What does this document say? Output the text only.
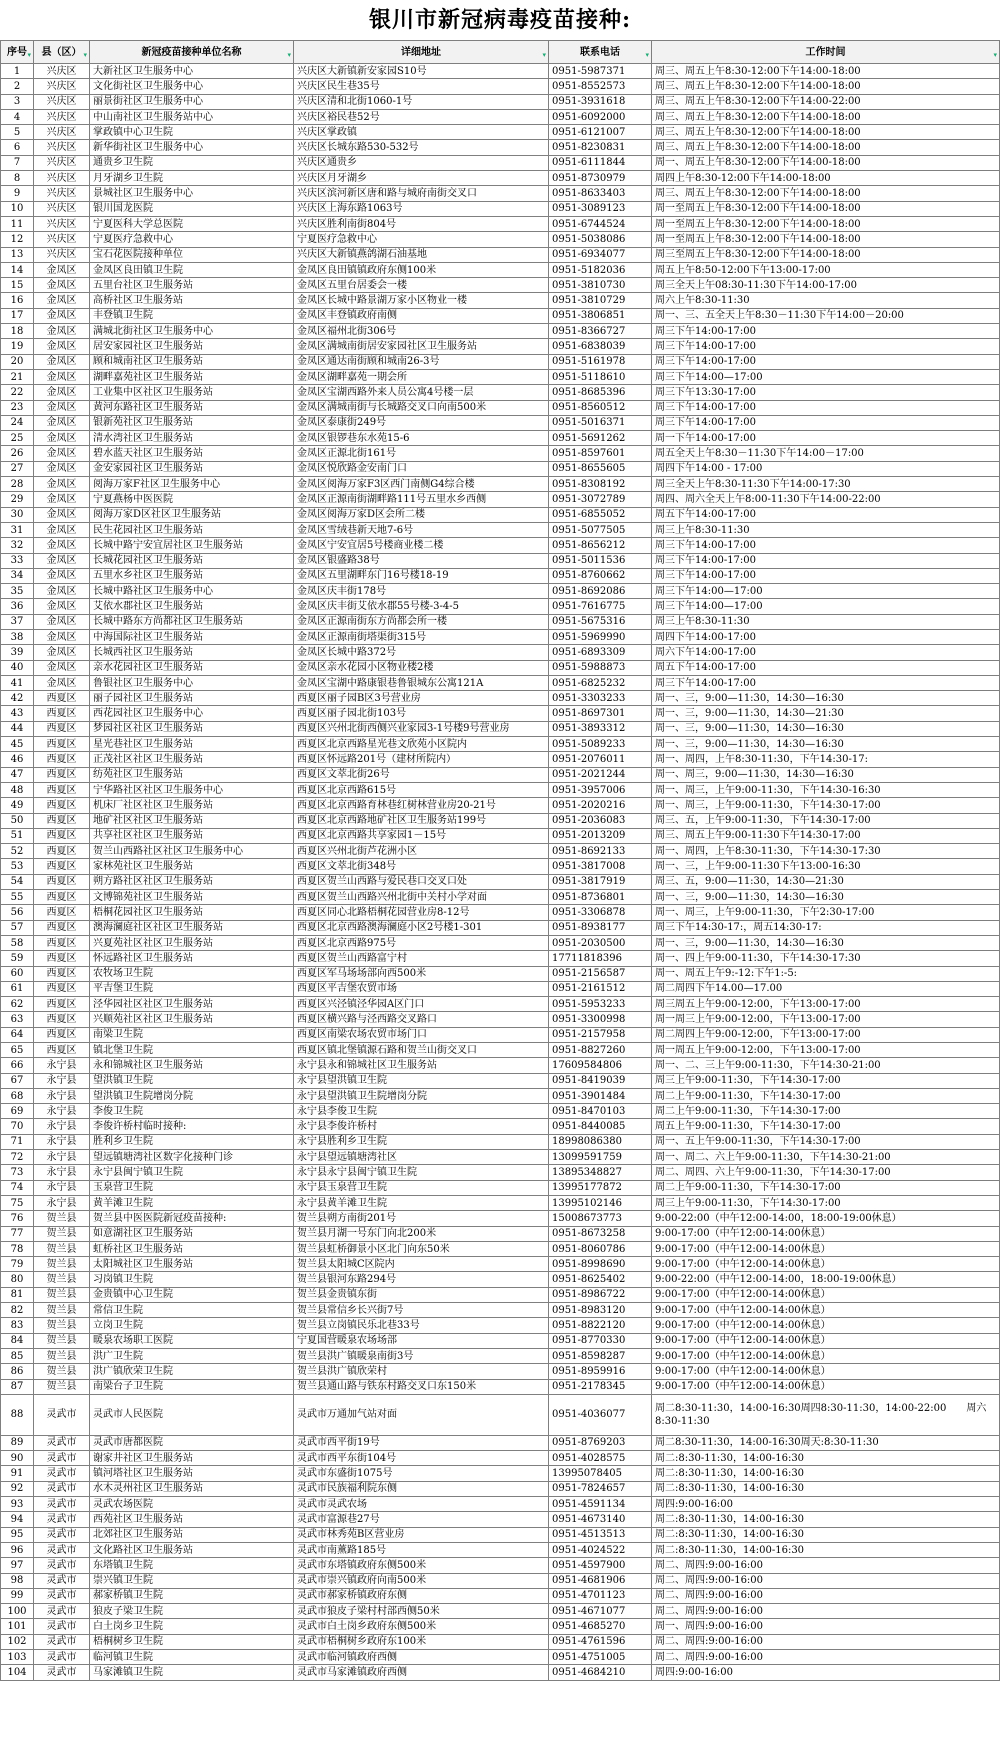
银川市新冠病毒疫苗接种:
序号 ▾	县（区） ▾	新冠疫苗接种单位名称 ▾	详细地址 ▾	联系电话 ▾	工作时间 ▾

1	兴庆区	大新社区卫生服务中心	兴庆区大新镇新安家园S10号	0951-5987371	周三、周五上午8:30-12:00下午14:00-18:00
2	兴庆区	文化街社区卫生服务中心	兴庆区民生巷35号	0951-8552573	周三、周五上午8:30-12:00下午14:00-18:00
3	兴庆区	丽景街社区卫生服务中心	兴庆区清和北街1060-1号	0951-3931618	周三、周五上午8:30-12:00下午14:00-22:00
4	兴庆区	中山南社区卫生服务站中心	兴庆区裕民巷52号	0951-6092000	周三、周五上午8:30-12:00下午14:00-18:00
5	兴庆区	掌政镇中心卫生院	兴庆区掌政镇	0951-6121007	周三、周五上午8:30-12:00下午14:00-18:00
6	兴庆区	新华街社区卫生服务中心	兴庆区长城东路530-532号	0951-8230831	周三、周五上午8:30-12:00下午14:00-18:00
7	兴庆区	通贵乡卫生院	兴庆区通贵乡	0951-6111844	周一、周五上午8:30-12:00下午14:00-18:00
8	兴庆区	月牙湖乡卫生院	兴庆区月牙湖乡	0951-8730979	周四上午8:30-12:00下午14:00-18:00
9	兴庆区	景城社区卫生服务中心	兴庆区滨河新区唐和路与城府南街交叉口	0951-8633403	周三、周五上午8:30-12:00下午14:00-18:00
10	兴庆区	银川国龙医院	兴庆区上海东路1063号	0951-3089123	周一至周五上午8:30-12:00下午14:00-18:00
11	兴庆区	宁夏医科大学总医院	兴庆区胜利南街804号	0951-6744524	周一至周五上午8:30-12:00下午14:00-18:00
12	兴庆区	宁夏医疗急救中心	宁夏医疗急救中心	0951-5038086	周一至周五上午8:30-12:00下午14:00-18:00
13	兴庆区	宝石花医院接种单位	兴庆区大新镇燕鸽湖石油基地	0951-6934077	周三至周五上午8:30-12:00下午14:00-18:00
14	金凤区	金凤区良田镇卫生院	金凤区良田镇镇政府东侧100米	0951-5182036	周五上午8:50-12:00下午13:00-17:00
15	金凤区	五里台社区卫生服务站	金凤区五里台居委会一楼	0951-3810730	周三全天上午08:30-11:30下午14:00-17:00
16	金凤区	高桥社区卫生服务站	金凤区长城中路景湖万家小区物业一楼	0951-3810729	周六上午8:30-11:30
17	金凤区	丰登镇卫生院	金凤区丰登镇政府南侧	0951-3806851	周一、三、五全天上午8:30－11:30下午14:00－20:00
18	金凤区	满城北街社区卫生服务中心	金凤区福州北街306号	0951-8366727	周三下午14:00-17:00
19	金凤区	居安家园社区卫生服务站	金凤区满城南街居安家园社区卫生服务站	0951-6838039	周三下午14:00-17:00
20	金凤区	顾和城南社区卫生服务站	金凤区通达南街顾和城南26-3号	0951-5161978	周三下午14:00-17:00
21	金凤区	湖畔嘉苑社区卫生服务站	金凤区湖畔嘉苑一期会所	0951-5118610	周三下午14:00—17:00
22	金凤区	工业集中区社区卫生服务站	金凤区宝湖西路外来人员公寓4号楼一层	0951-8685396	周三下午13:30-17:00
23	金凤区	黄河东路社区卫生服务站	金凤区满城南街与长城路交叉口向南500米	0951-8560512	周三下午14:00-17:00
24	金凤区	银新苑社区卫生服务站	金凤区泰康街249号	0951-5016371	周三下午14:00-17:00
25	金凤区	清水湾社区卫生服务站	金凤区银锣巷东水苑15-6	0951-5691262	周一下午14:00-17:00
26	金凤区	碧水蓝天社区卫生服务站	金凤区正源北街161号	0951-8597601	周五全天上午8:30－11:30下午14:00－17:00
27	金凤区	金安家园社区卫生服务站	金凤区悦欣路金安南门口	0951-8655605	周四下午14:00 - 17:00
28	金凤区	阅海万家F社区卫生服务中心	金凤区阅海万家F3区西门南侧G4综合楼	0951-8308192	周三全天上午8:30-11:30下午14:00-17:30
29	金凤区	宁夏燕杨中医医院	金凤区正源南街湖畔路111号五里水乡西侧	0951-3072789	周四、周六全天上午8:00-11:30下午14:00-22:00
30	金凤区	阅海万家D区社区卫生服务站	金凤区阅海万家D区会所二楼	0951-6855052	周五下午14:00-17:00
31	金凤区	民生花园社区卫生服务站	金凤区雪绒巷新天地7-6号	0951-5077505	周三上午8:30-11:30
32	金凤区	长城中路宁安宜居社区卫生服务站	金凤区宁安宜居5号楼商业楼二楼	0951-8656212	周三下午14:00-17:00
33	金凤区	长城花园社区卫生服务站	金凤区银盛路38号	0951-5011536	周三下午14:00-17:00
34	金凤区	五里水乡社区卫生服务站	金凤区五里湖畔东门16号楼18-19	0951-8760662	周三下午14:00-17:00
35	金凤区	长城中路社区卫生服务中心	金凤区庆丰街178号	0951-8692086	周三下午14:00—17:00
36	金凤区	艾依水郡社区卫生服务站	金凤区庆丰街艾依水郡55号楼-3-4-5	0951-7616775	周三下午14:00—17:00
37	金凤区	长城中路东方尚都社区卫生服务站	金凤区正源南街东方尚都会所一楼	0951-5675316	周三上午8:30-11:30
38	金凤区	中海国际社区卫生服务站	金凤区正源南街塔渠街315号	0951-5969990	周四下午14:00-17:00
39	金凤区	长城西社区卫生服务站	金凤区长城中路372号	0951-6893309	周六下午14:00-17:00
40	金凤区	亲水花园社区卫生服务站	金凤区亲水花园小区物业楼2楼	0951-5988873	周五下午14:00-17:00
41	金凤区	鲁银社区卫生服务中心	金凤区宝湖中路康银巷鲁银城东公寓121A	0951-6825232	周三下午14:00-17:00
42	西夏区	丽子园社区卫生服务站	西夏区丽子园B区3号营业房	0951-3303233	周一、三，9:00—11:30，14:30—16:30
43	西夏区	西花园社区卫生服务中心	西夏区丽子园北街103号	0951-8697301	周一、三，9:00—11:30，14:30—21:30
44	西夏区	梦园社区社区卫生服务站	西夏区兴州北街西侧兴业家园3-1号楼9号营业房	0951-3893312	周一、三，9:00—11:30，14:30—16:30
45	西夏区	星光巷社区卫生服务站	西夏区北京西路星光巷文欣苑小区院内	0951-5089233	周一、三，9:00—11:30，14:30—16:30
46	西夏区	正茂社区社区卫生服务站	西夏区怀远路201号（建材所院内）	0951-2076011	周一、周四，上午8:30-11:30，下午14:30-17:
47	西夏区	纺苑社区卫生服务站	西夏区文萃北街26号	0951-2021244	周一、周三，9:00—11:30，14:30—16:30
48	西夏区	宁华路社区社区卫生服务中心	西夏区北京西路615号	0951-3957006	周一、周三，上午9:00-11:30，下午14:30-16:30
49	西夏区	机床厂社区社区卫生服务站	西夏区北京西路育林巷红树林营业房20-21号	0951-2020216	周一、周三，上午9:00-11:30，下午14:30-17:00
50	西夏区	地矿社区社区卫生服务站	西夏区北京西路地矿社区卫生服务站199号	0951-2036083	周三、五，上午9:00-11:30，下午14:30-17:00
51	西夏区	共享社区社区卫生服务站	西夏区北京西路共享家园1－15号	0951-2013209	周三、周五上午9:00-11:30下午14:30-17:00
52	西夏区	贺兰山西路社区社区卫生服务中心	西夏区兴州北街芦花洲小区	0951-8692133	周一、周四，上午8:30-11:30，下午14:30-17:30
53	西夏区	家林苑社区卫生服务站	西夏区文萃北街348号	0951-3817008	周一、三，上午9:00-11:30下午13:00-16:30
54	西夏区	朔方路社区社区卫生服务站	西夏区贺兰山西路与爱民巷口交叉口处	0951-3817919	周三、五，9:00—11:30，14:30—21:30
55	西夏区	文博锦苑社区卫生服务站	西夏区贺兰山西路兴州北街中关村小学对面	0951-8736801	周一、三，9:00—11:30，14:30—16:30
56	西夏区	梧桐花园社区卫生服务站	西夏区同心北路梧桐花园营业房8-12号	0951-3306878	周一、周三，上午9:00-11:30，下午2:30-17:00
57	西夏区	澳海澜庭社区社区卫生服务站	西夏区北京西路澳海澜庭小区2号楼1-301	0951-8938177	周三下午14:30-17:，周五14:30-17:
58	西夏区	兴夏苑社区社区卫生服务站	西夏区北京西路975号	0951-2030500	周一、三，9:00—11:30，14:30—16:30
59	西夏区	怀远路社区卫生服务站	西夏区贺兰山西路富宁村	17711818396	周一、四上午9:00-11:30，下午14:30-17:30
60	西夏区	农牧场卫生院	西夏区军马场场部向西500米	0951-2156587	周一、周五上午9:-12:下午1:-5:
61	西夏区	平吉堡卫生院	西夏区平吉堡农贸市场	0951-2161512	周二周四下午14.00—17.00
62	西夏区	泾华园社区社区卫生服务站	西夏区兴泾镇泾华园A区门口	0951-5953233	周三周五上午9:00-12:00，下午13:00-17:00
63	西夏区	兴顺苑社区社区卫生服务站	西夏区横兴路与泾西路交叉路口	0951-3300998	周一周三上午9:00-12:00，下午13:00-17:00
64	西夏区	南梁卫生院	西夏区南梁农场农贸市场门口	0951-2157958	周二周四上午9:00-12:00，下午13:00-17:00
65	西夏区	镇北堡卫生院	西夏区镇北堡镇源石路和贺兰山街交叉口	0951-8827260	周一周五上午9:00-12:00，下午13:00-17:00
66	永宁县	永和锦城社区卫生服务站	永宁县永和锦城社区卫生服务站	17609584806	周一、二、三上午9:00-11:30，下午14:30-21:00
67	永宁县	望洪镇卫生院	永宁县望洪镇卫生院	0951-8419039	周三上午9:00-11:30，下午14:30-17:00
68	永宁县	望洪镇卫生院增岗分院	永宁县望洪镇卫生院增岗分院	0951-3901484	周二上午9:00-11:30，下午14:30-17:00
69	永宁县	李俊卫生院	永宁县李俊卫生院	0951-8470103	周二上午9:00-11:30，下午14:30-17:00
70	永宁县	李俊许桥村临时接种:	永宁县李俊许桥村	0951-8440085	周五上午9:00-11:30，下午14:30-17:00
71	永宁县	胜利乡卫生院	永宁县胜利乡卫生院	18998086380	周一、五上午9:00-11:30，下午14:30-17:00
72	永宁县	望远镇塘湾社区数字化接种门诊	永宁县望远镇塘湾社区	13099591759	周一、周二、六上午9:00-11:30，下午14:30-21:00
73	永宁县	永宁县闽宁镇卫生院	永宁县永宁县闽宁镇卫生院	13895348827	周二、周四、六上午9:00-11:30，下午14:30-17:00
74	永宁县	玉泉营卫生院	永宁县玉泉营卫生院	13995177872	周二上午9:00-11:30，下午14:30-17:00
75	永宁县	黄羊滩卫生院	永宁县黄羊滩卫生院	13995102146	周三上午9:00-11:30，下午14:30-17:00
76	贺兰县	贺兰县中医医院新冠疫苗接种:	贺兰县朔方南街201号	15008673773	9:00-22:00（中午12:00-14:00，18:00-19:00休息）
77	贺兰县	如意湖社区卫生服务站	贺兰县月湖一号东门向北200米	0951-8673258	9:00-17:00（中午12:00-14:00休息）
78	贺兰县	虹桥社区卫生服务站	贺兰县虹桥御景小区北门向东50米	0951-8060786	9:00-17:00（中午12:00-14:00休息）
79	贺兰县	太阳城社区卫生服务站	贺兰县太阳城C区院内	0951-8998690	9:00-17:00（中午12:00-14:00休息）
80	贺兰县	习岗镇卫生院	贺兰县银河东路294号	0951-8625402	9:00-22:00（中午12:00-14:00，18:00-19:00休息）
81	贺兰县	金贵镇中心卫生院	贺兰县金贵镇东街	0951-8986722	9:00-17:00（中午12:00-14:00休息）
82	贺兰县	常信卫生院	贺兰县常信乡长兴街7号	0951-8983120	9:00-17:00（中午12:00-14:00休息）
83	贺兰县	立岗卫生院	贺兰县立岗镇民乐北巷33号	0951-8822120	9:00-17:00（中午12:00-14:00休息）
84	贺兰县	暖泉农场职工医院	宁夏国营暖泉农场场部	0951-8770330	9:00-17:00（中午12:00-14:00休息）
85	贺兰县	洪广卫生院	贺兰县洪广镇暖泉南街3号	0951-8598287	9:00-17:00（中午12:00-14:00休息）
86	贺兰县	洪广镇欣荣卫生院	贺兰县洪广镇欣荣村	0951-8959916	9:00-17:00（中午12:00-14:00休息）
87	贺兰县	南梁台子卫生院	贺兰县通山路与铁东村路交叉口东150米	0951-2178345	9:00-17:00（中午12:00-14:00休息）
88	灵武市	灵武市人民医院	灵武市万通加气站对面	0951-4036077	周二8:30-11:30，14:00-16:30周四8:30-11:30，14:00-22:00　　周六8:30-11:30
89	灵武市	灵武市唐都医院	灵武市西平街19号	0951-8769203	周二8:30-11:30，14:00-16:30周天:8:30-11:30
90	灵武市	谢家井社区卫生服务站	灵武市西平东街104号	0951-4028575	周二:8:30-11:30，14:00-16:30
91	灵武市	镇河塔社区卫生服务站	灵武市东盛街1075号	13995078405	周二:8:30-11:30，14:00-16:30
92	灵武市	水木灵州社区卫生服务站	灵武市民族福利院东侧	0951-7824657	周二:8:30-11:30，14:00-16:30
93	灵武市	灵武农场医院	灵武市灵武农场	0951-4591134	周四:9:00-16:00
94	灵武市	西苑社区卫生服务站	灵武市富源巷27号	0951-4673140	周二:8:30-11:30，14:00-16:30
95	灵武市	北郊社区卫生服务站	灵武市林秀苑B区营业房	0951-4513513	周二:8:30-11:30，14:00-16:30
96	灵武市	文化路社区卫生服务站	灵武市南薰路185号	0951-4024522	周二:8:30-11:30，14:00-16:30
97	灵武市	东塔镇卫生院	灵武市东塔镇政府东侧500米	0951-4597900	周二、周四:9:00-16:00
98	灵武市	崇兴镇卫生院	灵武市崇兴镇政府向南500米	0951-4681906	周二、周四:9:00-16:00
99	灵武市	郝家桥镇卫生院	灵武市郝家桥镇政府东侧	0951-4701123	周二、周四:9:00-16:00
100	灵武市	狼皮子梁卫生院	灵武市狼皮子梁村村部西侧50米	0951-4671077	周二、周四:9:00-16:00
101	灵武市	白土岗乡卫生院	灵武市白土岗乡政府东侧500米	0951-4685270	周一、周四:9:00-16:00
102	灵武市	梧桐树乡卫生院	灵武市梧桐树乡政府东100米	0951-4761596	周二、周四:9:00-16:00
103	灵武市	临河镇卫生院	灵武市临河镇政府西侧	0951-4751005	周二、周四:9:00-16:00
104	灵武市	马家滩镇卫生院	灵武市马家滩镇政府西侧	0951-4684210	周四:9:00-16:00
